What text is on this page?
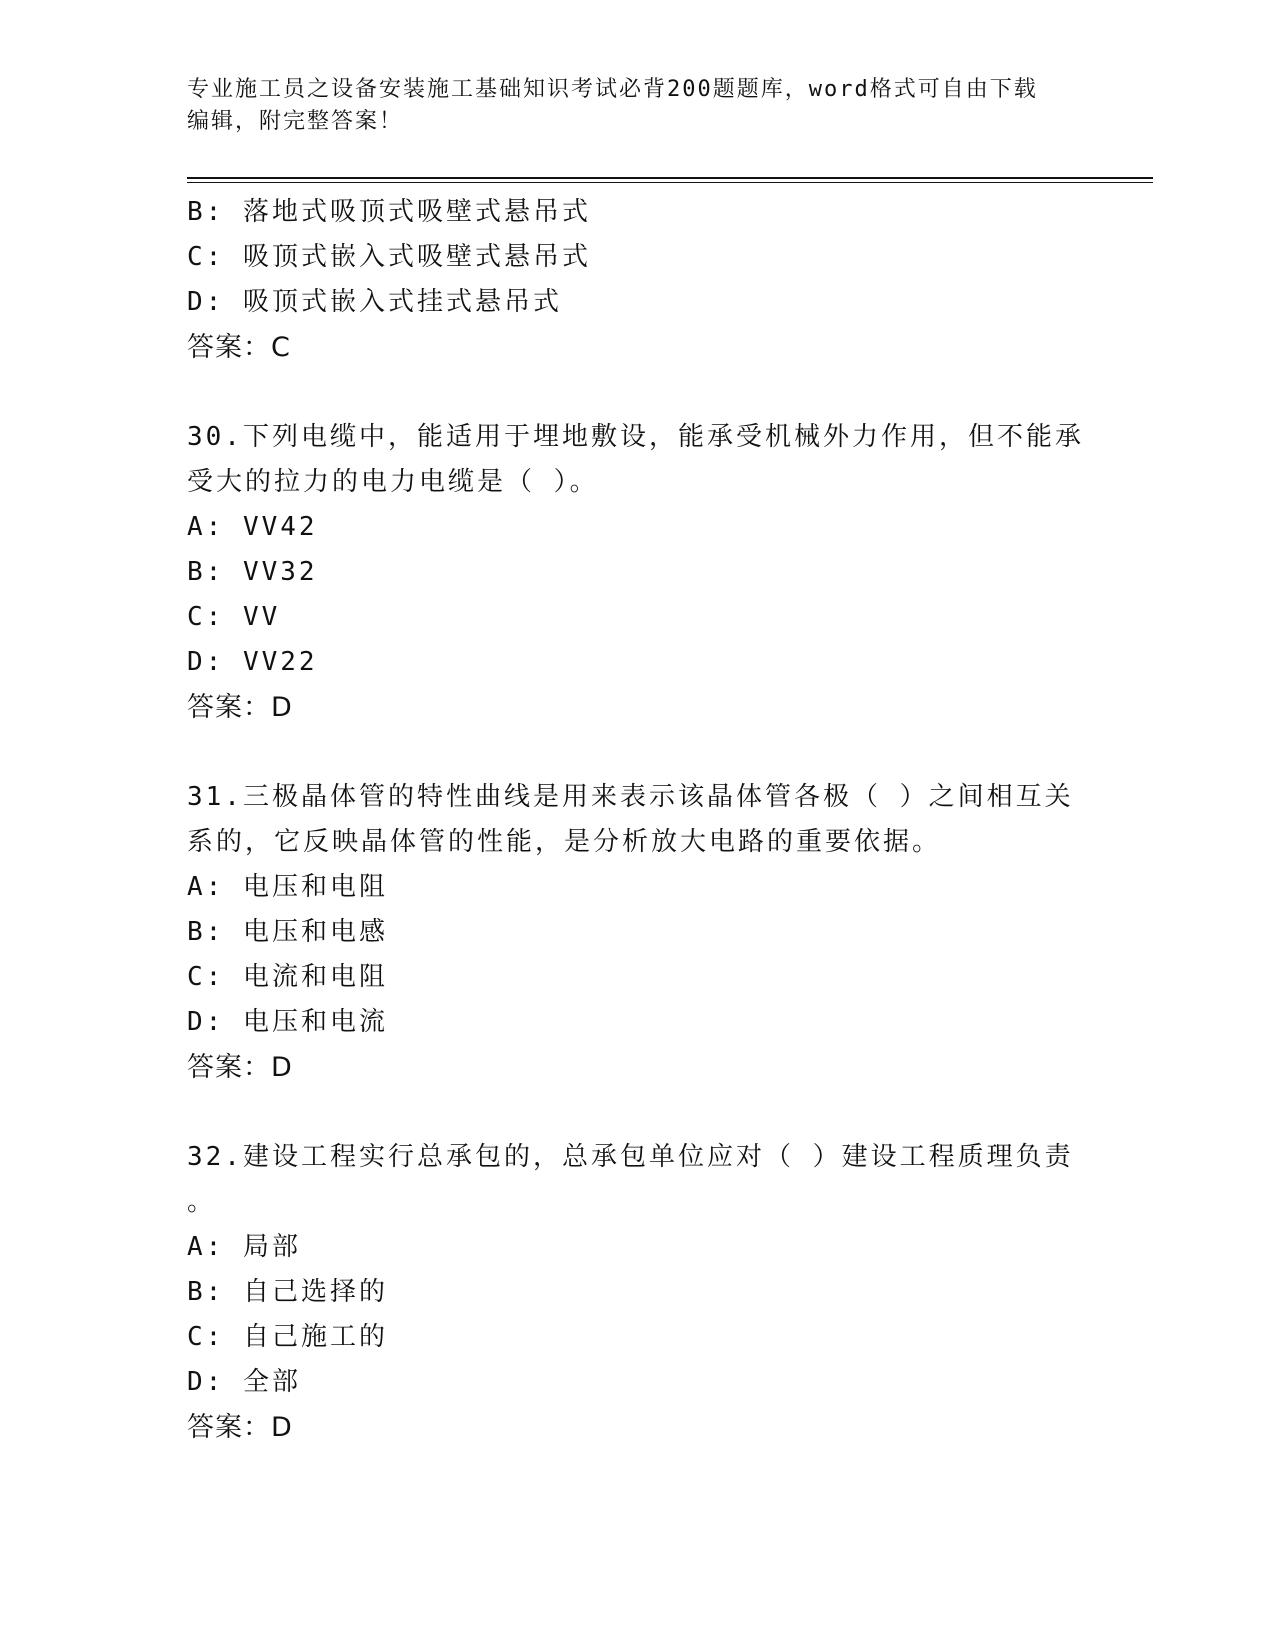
专业施工员之设备安装施工基础知识考试必背200题题库，word格式可自由下载
编辑，附完整答案！
B: 落地式吸顶式吸壁式悬吊式
C: 吸顶式嵌入式吸壁式悬吊式
D: 吸顶式嵌入式挂式悬吊式
答案：C
30.下列电缆中，能适用于埋地敷设，能承受机械外力作用，但不能承
受大的拉力的电力电缆是（ ）。
A: VV42
B: VV32
C: VV
D: VV22
答案：D
31.三极晶体管的特性曲线是用来表示该晶体管各极（ ）之间相互关
系的，它反映晶体管的性能，是分析放大电路的重要依据。
A: 电压和电阻
B: 电压和电感
C: 电流和电阻
D: 电压和电流
答案：D
32.建设工程实行总承包的，总承包单位应对（ ）建设工程质理负责
。
A: 局部
B: 自己选择的
C: 自己施工的
D: 全部
答案：D
